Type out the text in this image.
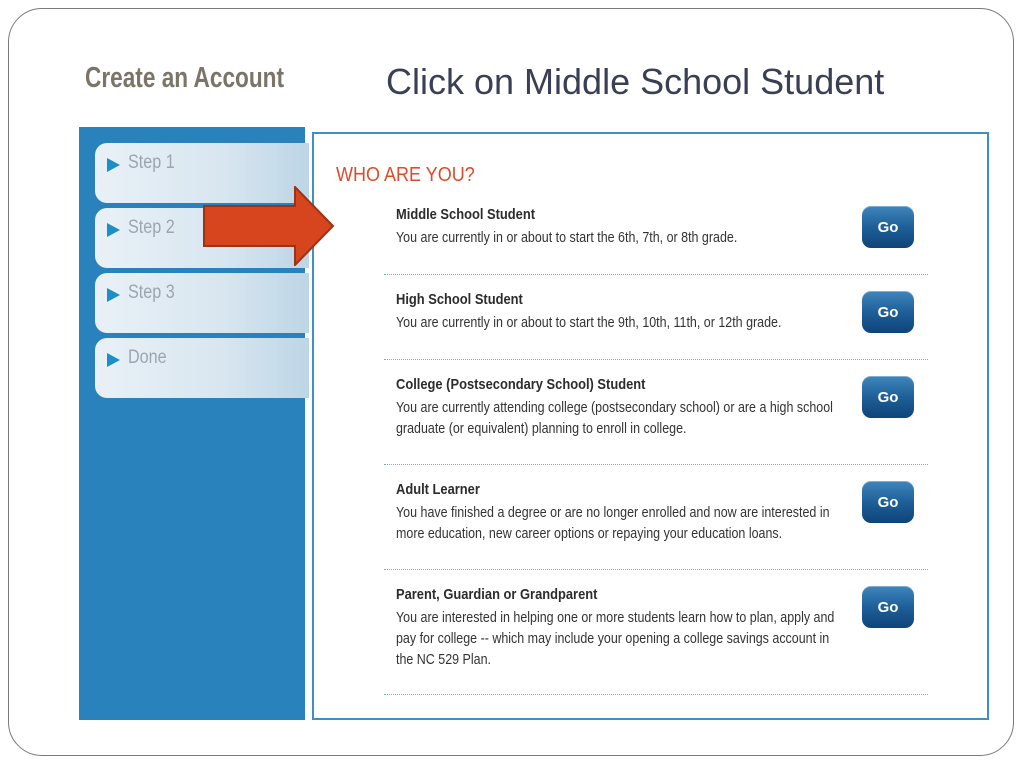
Create an Account	Click on Middle School Student
Step 1
Step 2
Step 3
Done
WHO ARE YOU?
Middle School Student
You are currently in or about to start the 6th, 7th, or 8th grade.
Go
High School Student
You are currently in or about to start the 9th, 10th, 11th, or 12th grade.
Go
College (Postsecondary School) Student
You are currently attending college (postsecondary school) or are a high school graduate (or equivalent) planning to enroll in college.
Go
Adult Learner
You have finished a degree or are no longer enrolled and now are interested in more education, new career options or repaying your education loans.
Go
Parent, Guardian or Grandparent
You are interested in helping one or more students learn how to plan, apply and pay for college -- which may include your opening a college savings account in the NC 529 Plan.
Go
